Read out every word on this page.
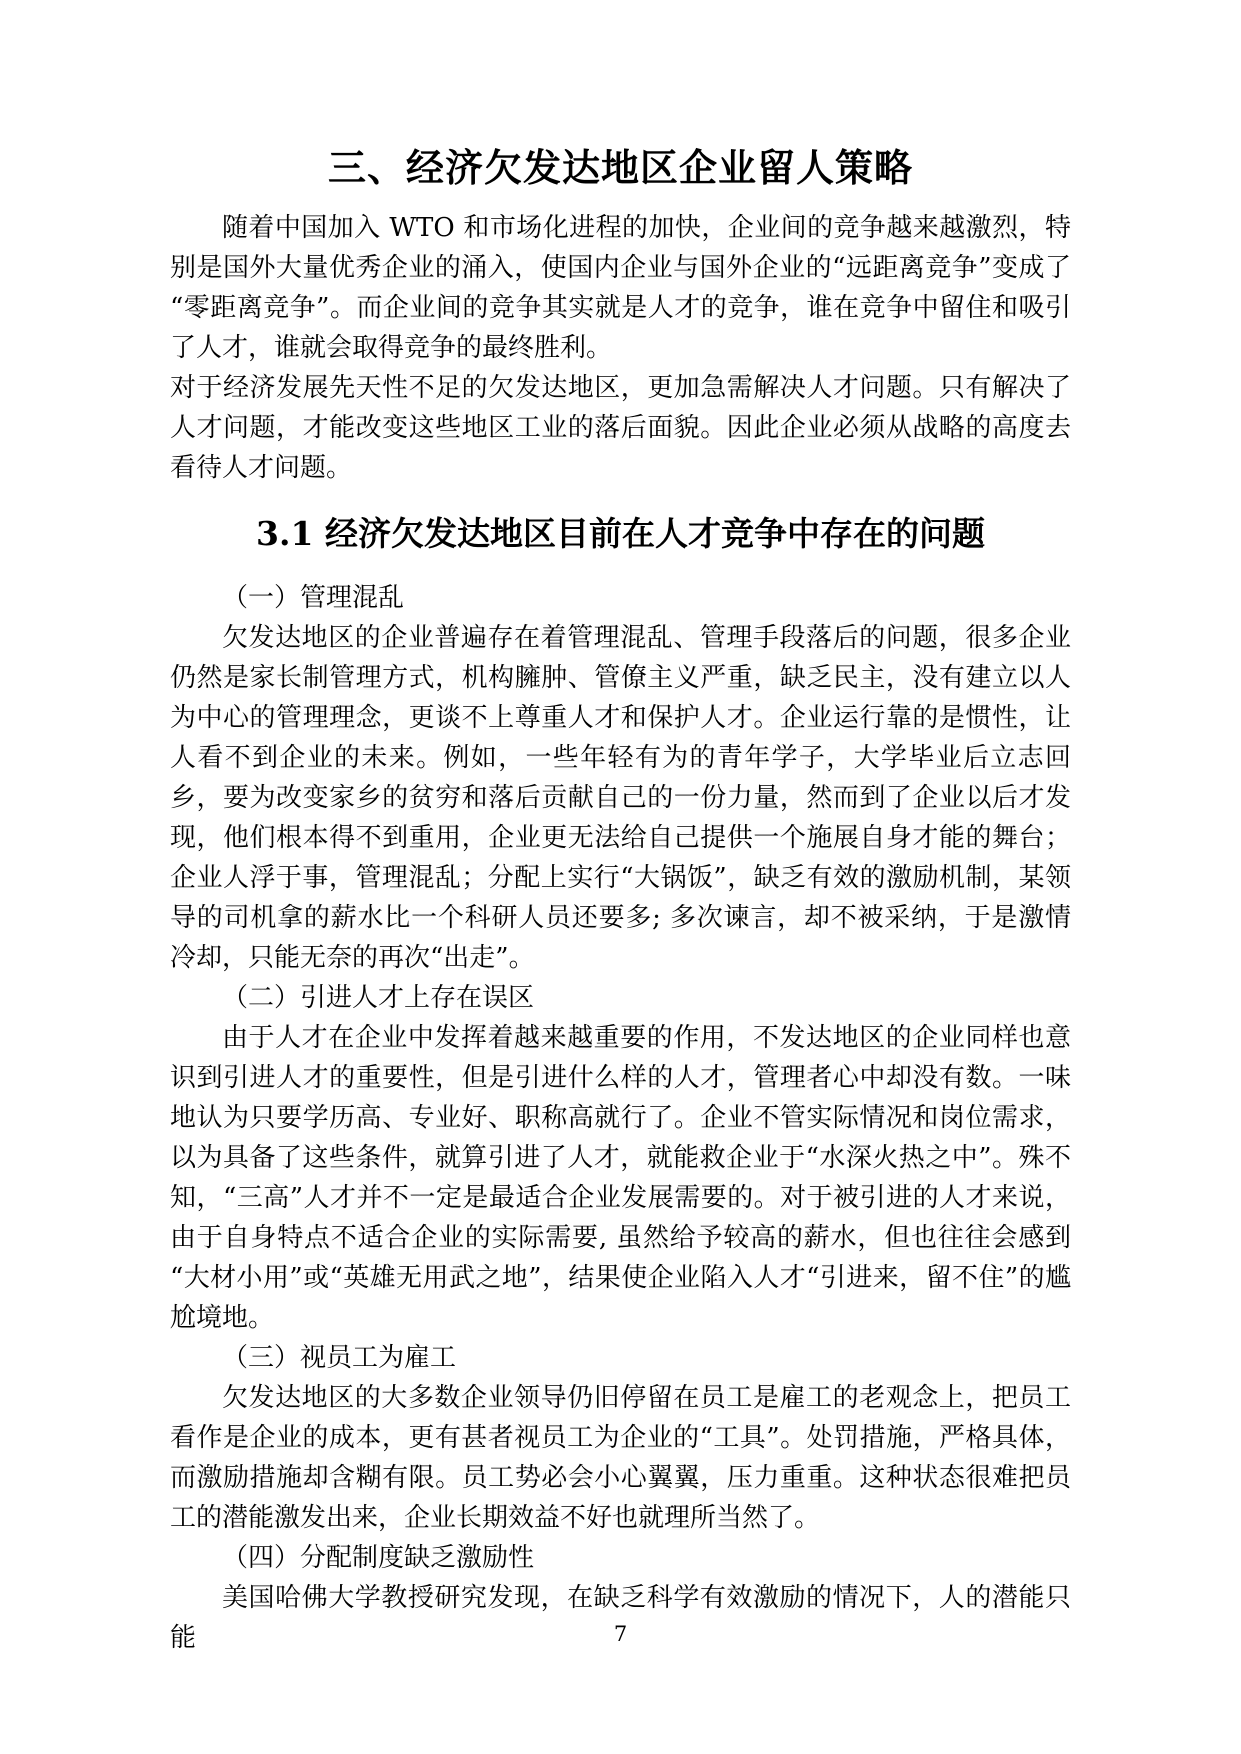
三、经济欠发达地区企业留人策略

随着中国加入 WTO 和市场化进程的加快，企业间的竞争越来越激烈，特别是国外大量优秀企业的涌入，使国内企业与国外企业的“远距离竞争”变成了“零距离竞争”。而企业间的竞争其实就是人才的竞争，谁在竞争中留住和吸引了人才，谁就会取得竞争的最终胜利。

对于经济发展先天性不足的欠发达地区，更加急需解决人才问题。只有解决了人才问题，才能改变这些地区工业的落后面貌。因此企业必须从战略的高度去看待人才问题。

3.1 经济欠发达地区目前在人才竞争中存在的问题

（一）管理混乱

欠发达地区的企业普遍存在着管理混乱、管理手段落后的问题，很多企业仍然是家长制管理方式，机构臃肿、管僚主义严重，缺乏民主，没有建立以人为中心的管理理念，更谈不上尊重人才和保护人才。企业运行靠的是惯性，让人看不到企业的未来。例如，一些年轻有为的青年学子，大学毕业后立志回乡，要为改变家乡的贫穷和落后贡献自己的一份力量，然而到了企业以后才发现，他们根本得不到重用，企业更无法给自己提供一个施展自身才能的舞台；企业人浮于事，管理混乱；分配上实行“大锅饭”，缺乏有效的激励机制，某领导的司机拿的薪水比一个科研人员还要多; 多次谏言，却不被采纳，于是激情冷却，只能无奈的再次“出走”。

（二）引进人才上存在误区

由于人才在企业中发挥着越来越重要的作用，不发达地区的企业同样也意识到引进人才的重要性，但是引进什么样的人才，管理者心中却没有数。一味地认为只要学历高、专业好、职称高就行了。企业不管实际情况和岗位需求，以为具备了这些条件，就算引进了人才，就能救企业于“水深火热之中”。殊不知，“三高”人才并不一定是最适合企业发展需要的。对于被引进的人才来说，由于自身特点不适合企业的实际需要, 虽然给予较高的薪水，但也往往会感到“大材小用”或“英雄无用武之地”，结果使企业陷入人才“引进来，留不住”的尴尬境地。

（三）视员工为雇工

欠发达地区的大多数企业领导仍旧停留在员工是雇工的老观念上，把员工看作是企业的成本，更有甚者视员工为企业的“工具”。处罚措施，严格具体，而激励措施却含糊有限。员工势必会小心翼翼，压力重重。这种状态很难把员工的潜能激发出来，企业长期效益不好也就理所当然了。

（四）分配制度缺乏激励性

美国哈佛大学教授研究发现，在缺乏科学有效激励的情况下，人的潜能只能	7
